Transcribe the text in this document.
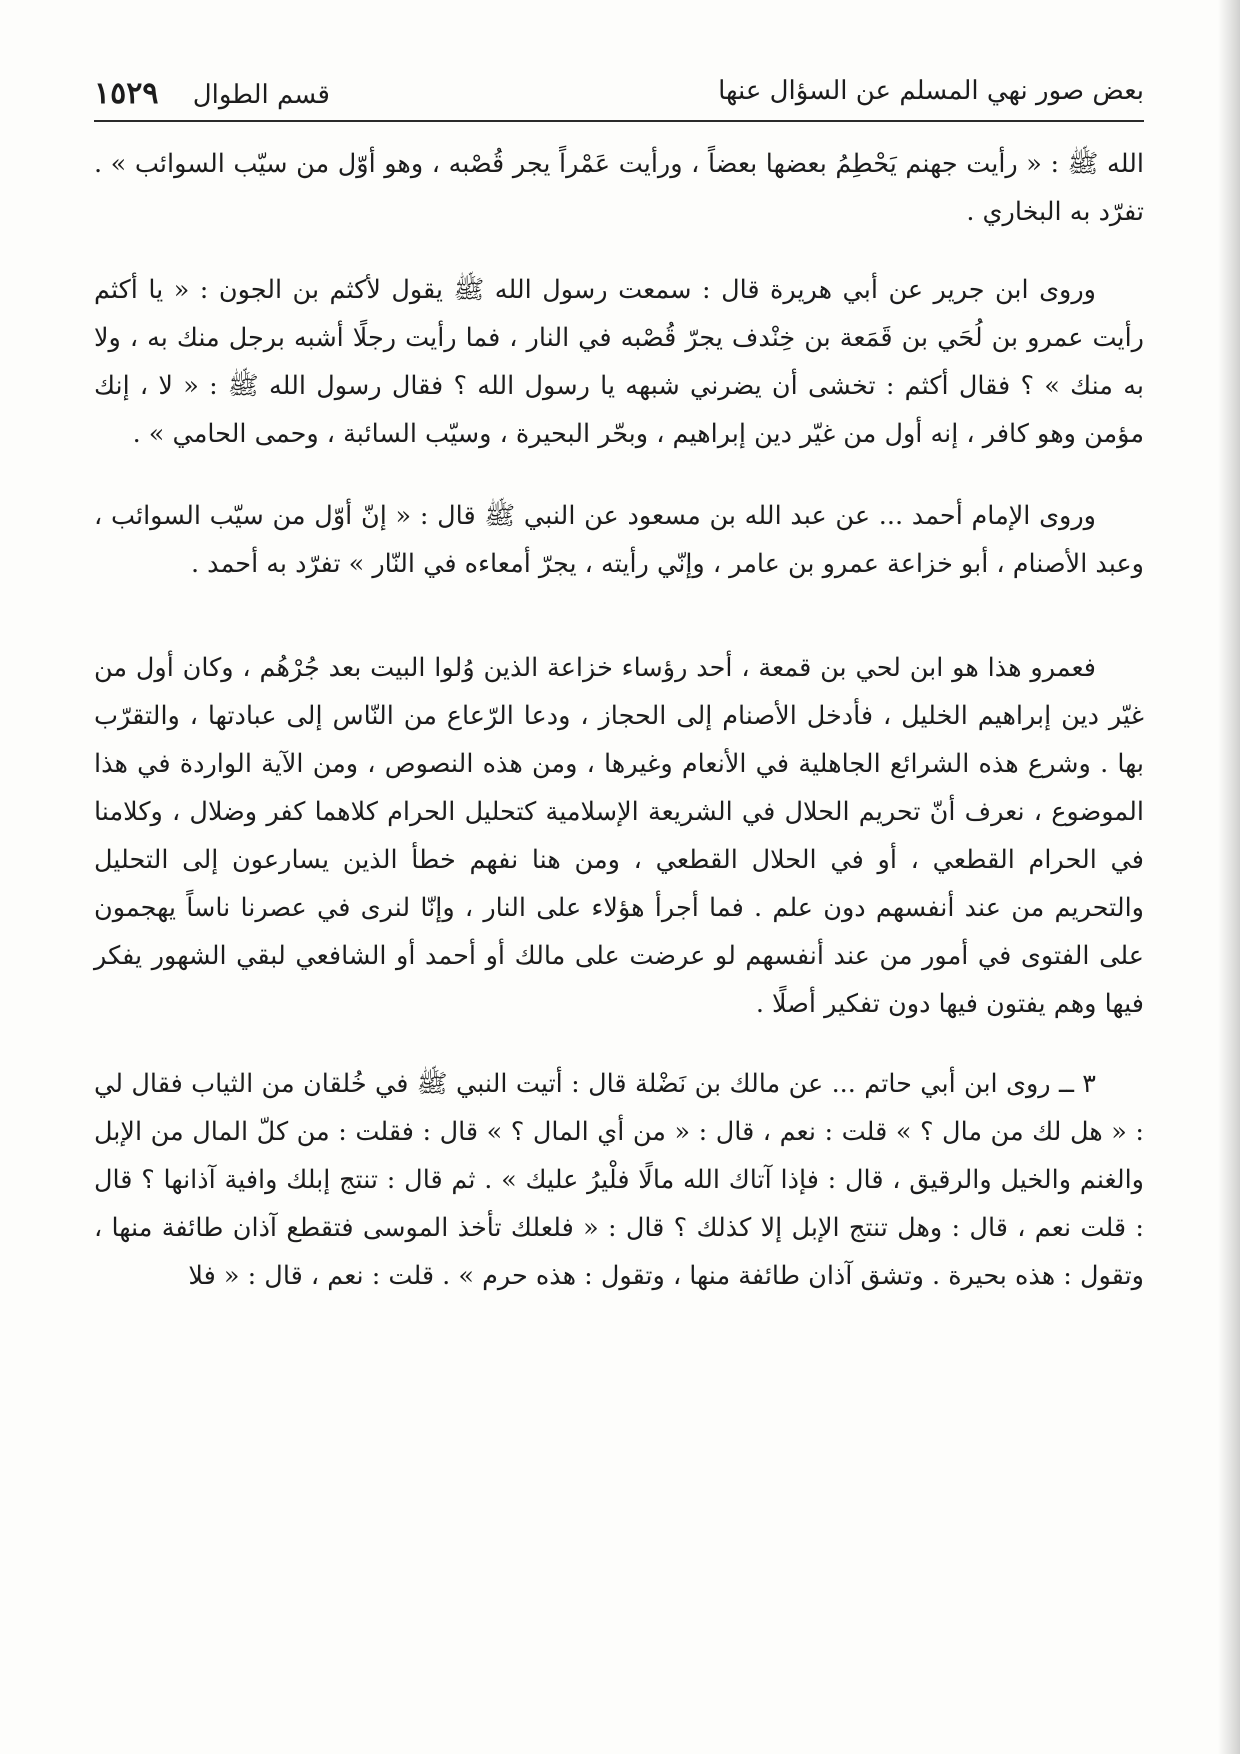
بعض صور نهي المسلم عن السؤال عنها
قسم الطوال ١٥٢٩

الله ﷺ : « رأيت جهنم يَحْطِمُ بعضها بعضاً ، ورأيت عَمْراً يجر قُصْبه ، وهو أوّل من سيّب السوائب » . تفرّد به البخاري .

وروى ابن جرير عن أبي هريرة قال : سمعت رسول الله ﷺ يقول لأكثم بن الجون : « يا أكثم رأيت عمرو بن لُحَي بن قَمَعة بن خِنْدف يجرّ قُصْبه في النار ، فما رأيت رجلًا أشبه برجل منك به ، ولا به منك » ؟ فقال أكثم : تخشى أن يضرني شبهه يا رسول الله ؟ فقال رسول الله ﷺ : « لا ، إنك مؤمن وهو كافر ، إنه أول من غيّر دين إبراهيم ، وبحّر البحيرة ، وسيّب السائبة ، وحمى الحامي » .

وروى الإمام أحمد ... عن عبد الله بن مسعود عن النبي ﷺ قال : « إنّ أوّل من سيّب السوائب ، وعبد الأصنام ، أبو خزاعة عمرو بن عامر ، وإنّي رأيته ، يجرّ أمعاءه في النّار » تفرّد به أحمد .

فعمرو هذا هو ابن لحي بن قمعة ، أحد رؤساء خزاعة الذين وُلوا البيت بعد جُرْهُم ، وكان أول من غيّر دين إبراهيم الخليل ، فأدخل الأصنام إلى الحجاز ، ودعا الرّعاع من النّاس إلى عبادتها ، والتقرّب بها . وشرع هذه الشرائع الجاهلية في الأنعام وغيرها ، ومن هذه النصوص ، ومن الآية الواردة في هذا الموضوع ، نعرف أنّ تحريم الحلال في الشريعة الإسلامية كتحليل الحرام كلاهما كفر وضلال ، وكلامنا في الحرام القطعي ، أو في الحلال القطعي ، ومن هنا نفهم خطأ الذين يسارعون إلى التحليل والتحريم من عند أنفسهم دون علم . فما أجرأ هؤلاء على النار ، وإنّا لنرى في عصرنا ناساً يهجمون على الفتوى في أمور من عند أنفسهم لو عرضت على مالك أو أحمد أو الشافعي لبقي الشهور يفكر فيها وهم يفتون فيها دون تفكير أصلًا .

٣ ــ روى ابن أبي حاتم ... عن مالك بن نَضْلة قال : أتيت النبي ﷺ في خُلقان من الثياب فقال لي : « هل لك من مال ؟ » قلت : نعم ، قال : « من أي المال ؟ » قال : فقلت : من كلّ المال من الإبل والغنم والخيل والرقيق ، قال : فإذا آتاك الله مالًا فلْيرُ عليك » . ثم قال : تنتج إبلك وافية آذانها ؟ قال : قلت نعم ، قال : وهل تنتج الإبل إلا كذلك ؟ قال : « فلعلك تأخذ الموسى فتقطع آذان طائفة منها ، وتقول : هذه بحيرة . وتشق آذان طائفة منها ، وتقول : هذه حرم » . قلت : نعم ، قال : « فلا
